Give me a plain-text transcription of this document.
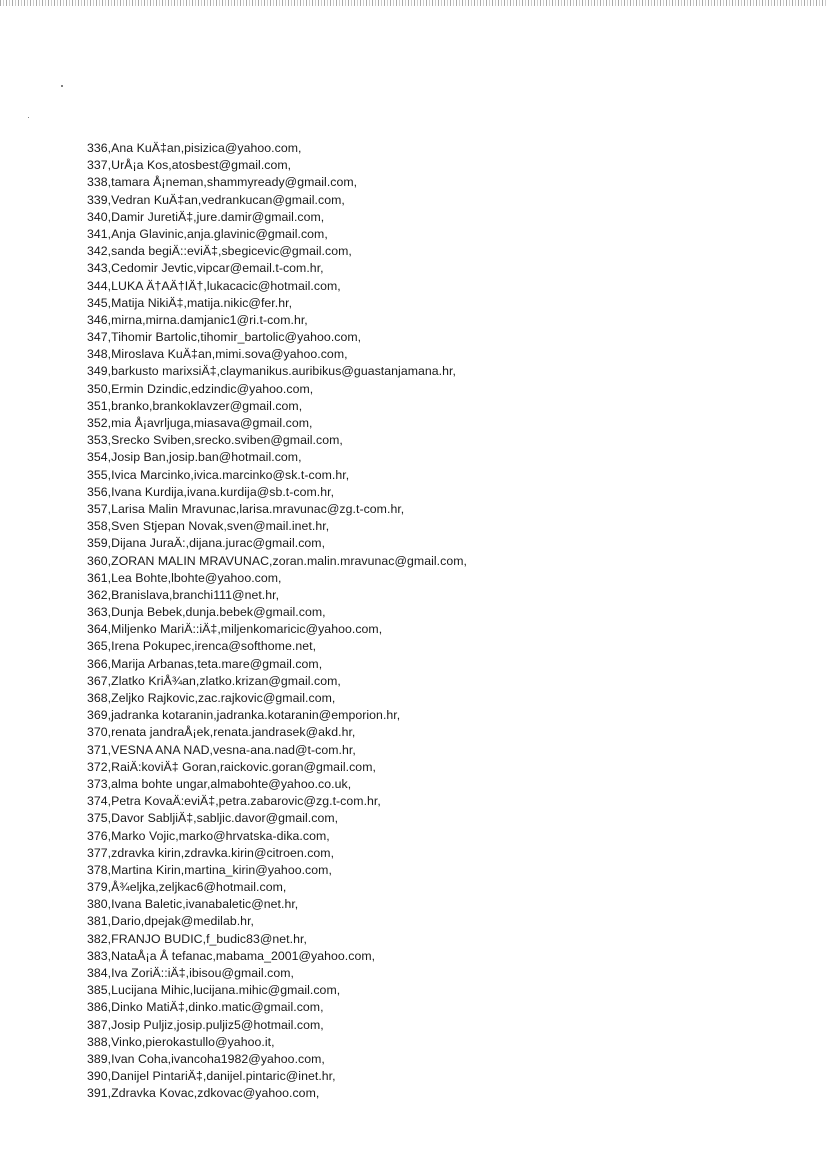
336,Ana KuÄ‡an,pisizica@yahoo.com,
337,UrÅ¡a Kos,atosbest@gmail.com,
338,tamara Å¡neman,shammyready@gmail.com,
339,Vedran KuÄ‡an,vedrankucan@gmail.com,
340,Damir JuretiÄ‡,jure.damir@gmail.com,
341,Anja Glavinic,anja.glavinic@gmail.com,
342,sanda begiÄ::eviÄ‡,sbegicevic@gmail.com,
343,Cedomir Jevtic,vipcar@email.t-com.hr,
344,LUKA Ä†AÄ†IÄ†,lukacacic@hotmail.com,
345,Matija NikiÄ‡,matija.nikic@fer.hr,
346,mirna,mirna.damjanic1@ri.t-com.hr,
347,Tihomir Bartolic,tihomir_bartolic@yahoo.com,
348,Miroslava KuÄ‡an,mimi.sova@yahoo.com,
349,barkusto marixsiÄ‡,claymanikus.auribikus@guastanjamana.hr,
350,Ermin Dzindic,edzindic@yahoo.com,
351,branko,brankoklavzer@gmail.com,
352,mia Å¡avrljuga,miasava@gmail.com,
353,Srecko Sviben,srecko.sviben@gmail.com,
354,Josip Ban,josip.ban@hotmail.com,
355,Ivica Marcinko,ivica.marcinko@sk.t-com.hr,
356,Ivana Kurdija,ivana.kurdija@sb.t-com.hr,
357,Larisa Malin Mravunac,larisa.mravunac@zg.t-com.hr,
358,Sven Stjepan Novak,sven@mail.inet.hr,
359,Dijana JuraÄ:,dijana.jurac@gmail.com,
360,ZORAN MALIN MRAVUNAC,zoran.malin.mravunac@gmail.com,
361,Lea Bohte,lbohte@yahoo.com,
362,Branislava,branchi111@net.hr,
363,Dunja Bebek,dunja.bebek@gmail.com,
364,Miljenko MariÄ::iÄ‡,miljenkomaricic@yahoo.com,
365,Irena Pokupec,irenca@softhome.net,
366,Marija Arbanas,teta.mare@gmail.com,
367,Zlatko KriÅ¾an,zlatko.krizan@gmail.com,
368,Zeljko Rajkovic,zac.rajkovic@gmail.com,
369,jadranka kotaranin,jadranka.kotaranin@emporion.hr,
370,renata jandraÅ¡ek,renata.jandrasek@akd.hr,
371,VESNA ANA NAD,vesna-ana.nad@t-com.hr,
372,RaiÄ:koviÄ‡ Goran,raickovic.goran@gmail.com,
373,alma bohte ungar,almabohte@yahoo.co.uk,
374,Petra KovaÄ:eviÄ‡,petra.zabarovic@zg.t-com.hr,
375,Davor SabljiÄ‡,sabljic.davor@gmail.com,
376,Marko Vojic,marko@hrvatska-dika.com,
377,zdravka kirin,zdravka.kirin@citroen.com,
378,Martina Kirin,martina_kirin@yahoo.com,
379,Å¾eljka,zeljkac6@hotmail.com,
380,Ivana Baletic,ivanabaletic@net.hr,
381,Dario,dpejak@medilab.hr,
382,FRANJO BUDIC,f_budic83@net.hr,
383,NataÅ¡a Å tefanac,mabama_2001@yahoo.com,
384,Iva ZoriÄ::iÄ‡,ibisou@gmail.com,
385,Lucijana Mihic,lucijana.mihic@gmail.com,
386,Dinko MatiÄ‡,dinko.matic@gmail.com,
387,Josip Puljiz,josip.puljiz5@hotmail.com,
388,Vinko,pierokastullo@yahoo.it,
389,Ivan Coha,ivancoha1982@yahoo.com,
390,Danijel PintariÄ‡,danijel.pintaric@inet.hr,
391,Zdravka Kovac,zdkovac@yahoo.com,
